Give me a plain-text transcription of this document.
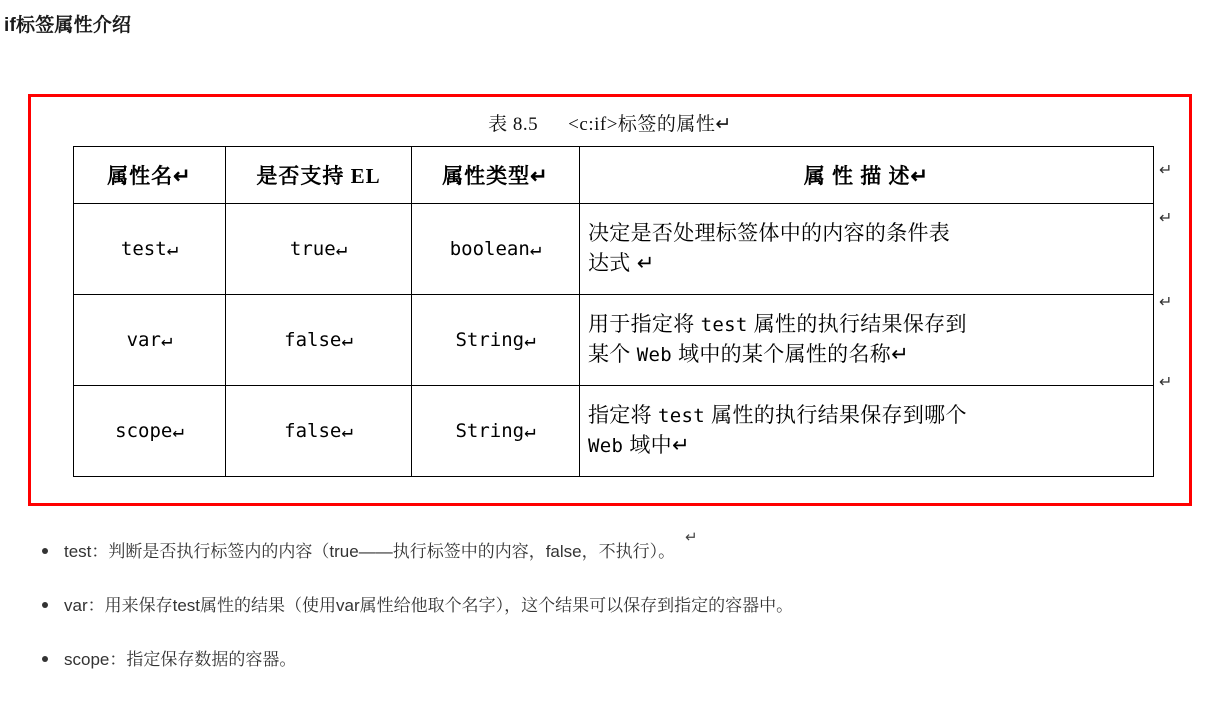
if标签属性介绍
表 8.5 <c:if>标签的属性↵
属性名↵	是否支持 EL	属性类型↵	属 性 描 述↵
test↵	true↵	boolean↵	决定是否处理标签体中的内容的条件表
达式 ↵
var↵	false↵	String↵	用于指定将 test 属性的执行结果保存到
某个 Web 域中的某个属性的名称↵
scope↵	false↵	String↵	指定将 test 属性的执行结果保存到哪个
Web 域中↵
↵
↵
↵
↵
↵
test：判断是否执行标签内的内容（true——执行标签中的内容，false，不执行）。
var：用来保存test属性的结果（使用var属性给他取个名字），这个结果可以保存到指定的容器中。
scope：指定保存数据的容器。
